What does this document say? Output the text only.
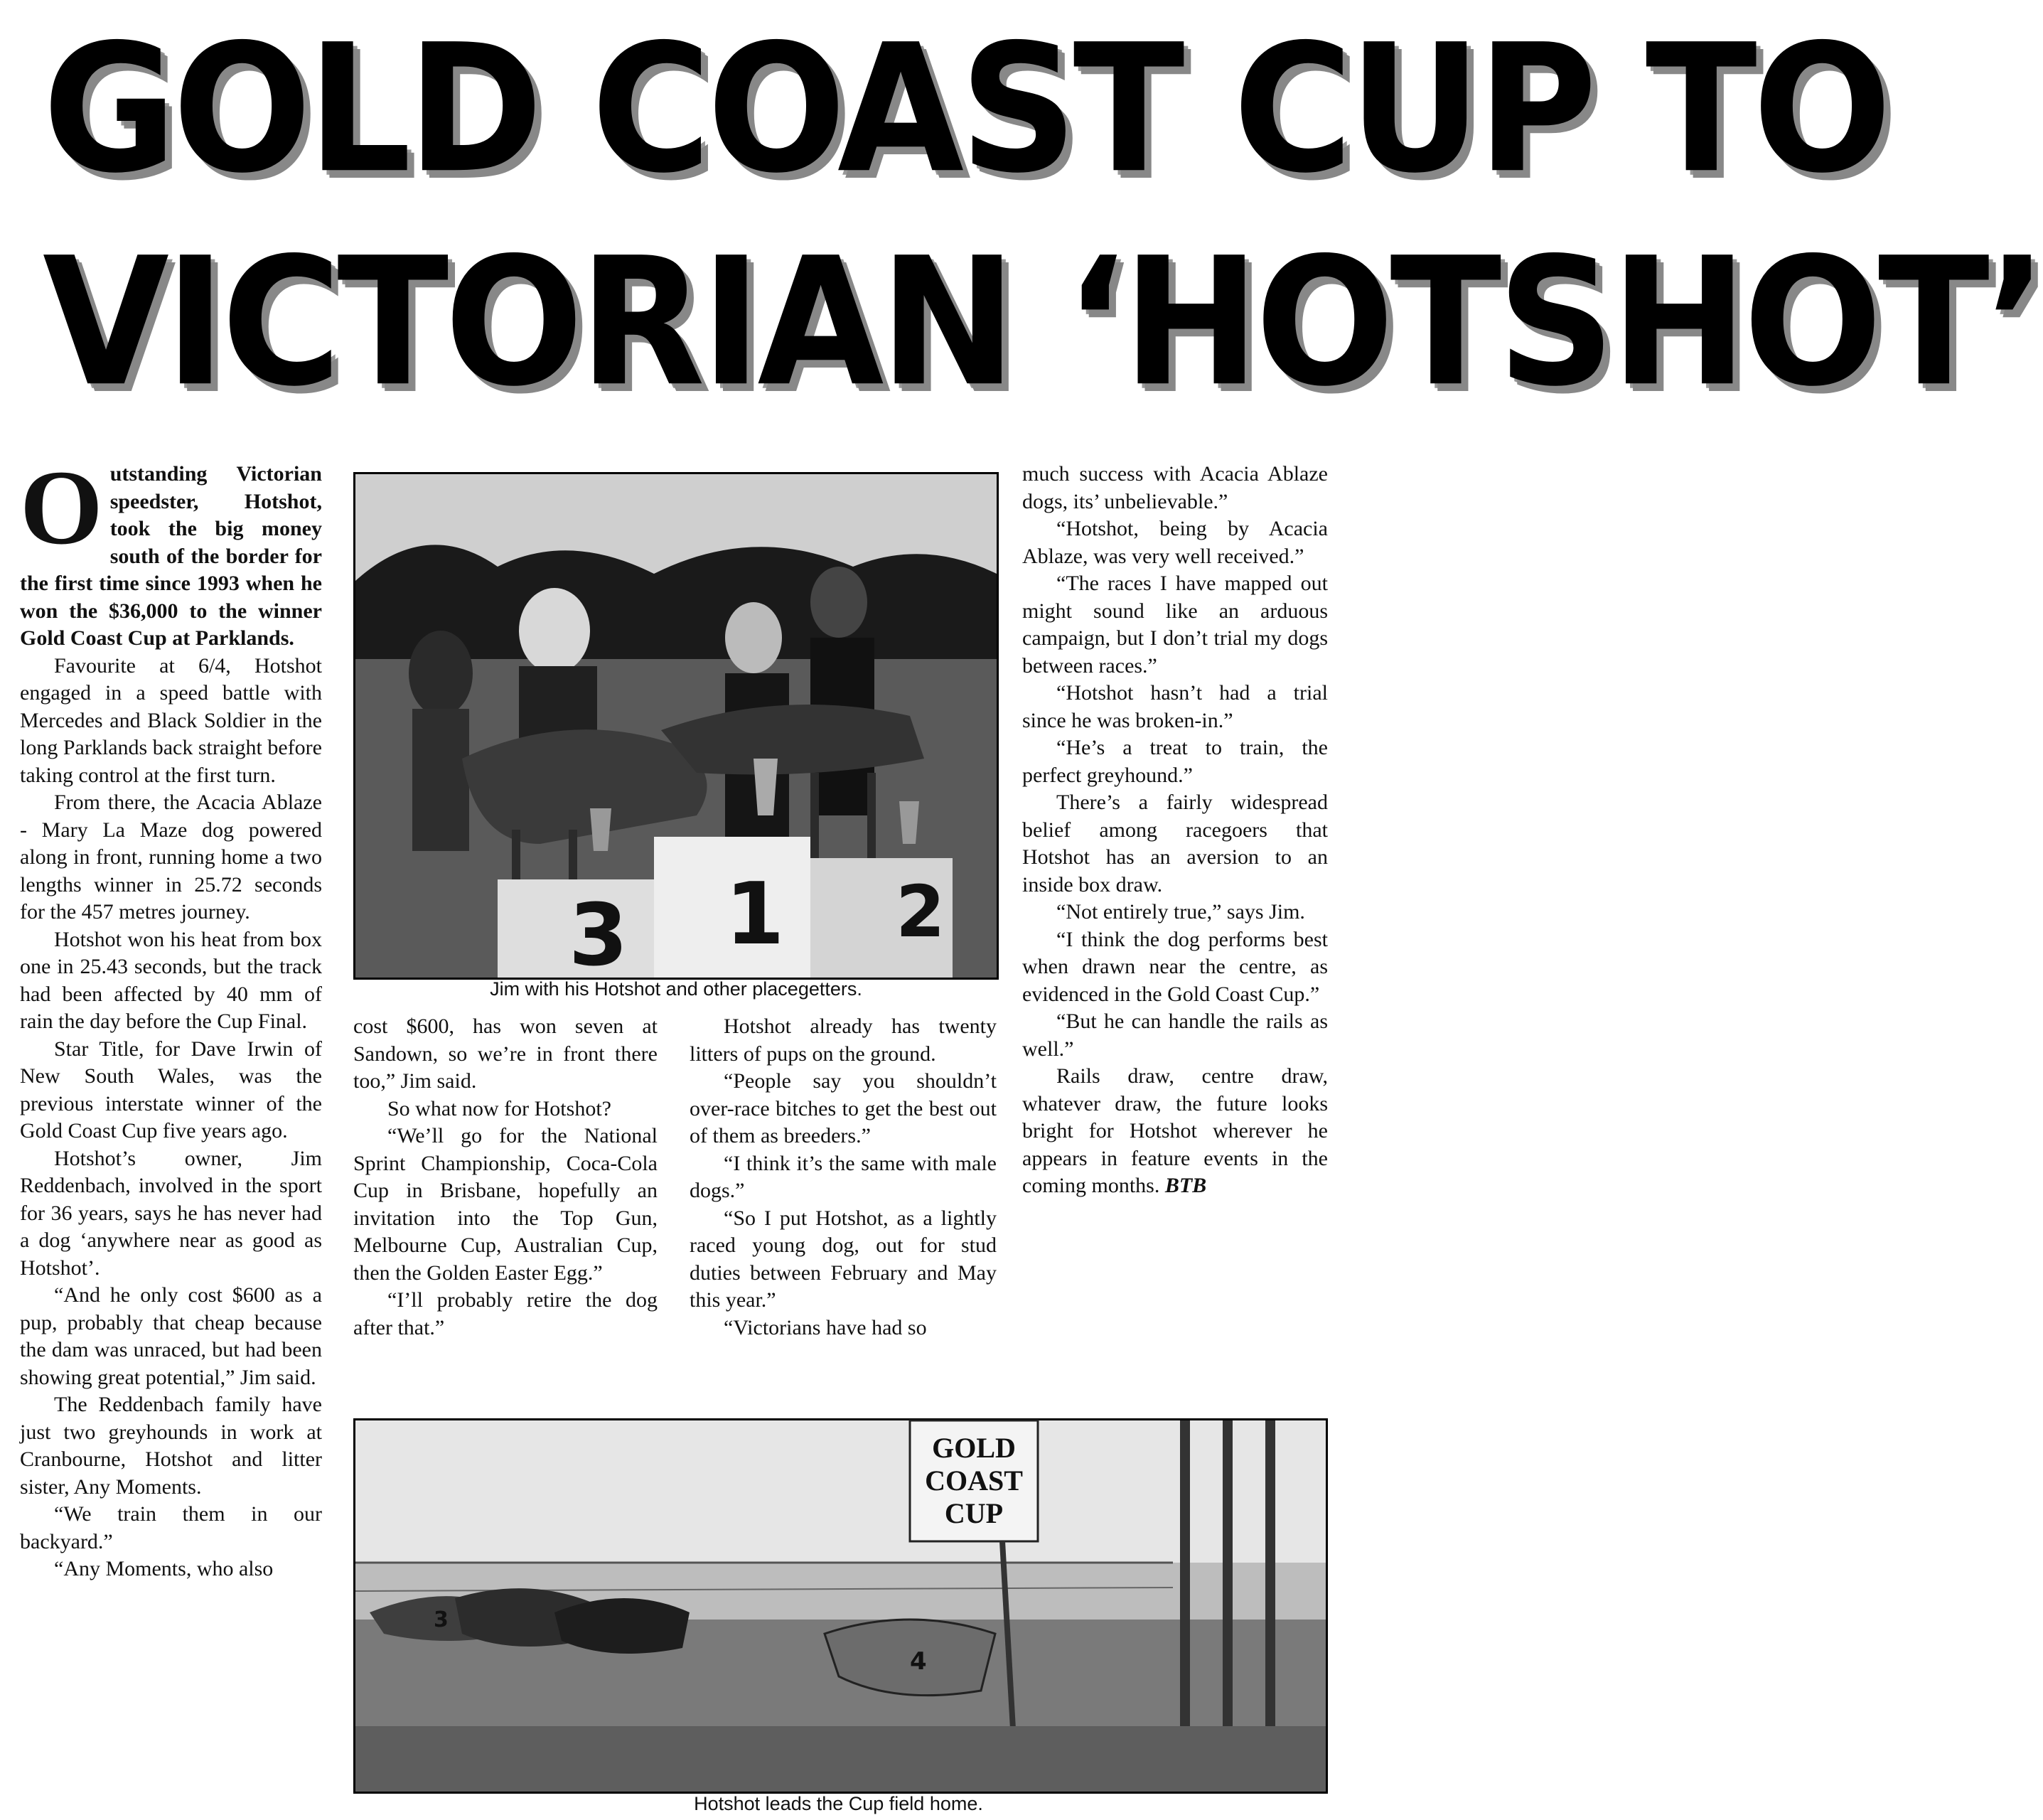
GOLD COAST CUP TO
VICTORIAN ‘HOTSHOT’

Outstanding Victorian speedster, Hotshot, took the big money south of the border for the first time since 1993 when he won the $36,000 to the winner Gold Coast Cup at Parklands.

Favourite at 6/4, Hotshot engaged in a speed battle with Mercedes and Black Soldier in the long Parklands back straight before taking control at the first turn.

From there, the Acacia Ablaze - Mary La Maze dog powered along in front, running home a two lengths winner in 25.72 seconds for the 457 metres journey.

Hotshot won his heat from box one in 25.43 seconds, but the track had been affected by 40 mm of rain the day before the Cup Final.

Star Title, for Dave Irwin of New South Wales, was the previous interstate winner of the Gold Coast Cup five years ago.

Hotshot’s owner, Jim Reddenbach, involved in the sport for 36 years, says he has never had a dog ‘anywhere near as good as Hotshot’.

“And he only cost $600 as a pup, probably that cheap because the dam was unraced, but had been showing great potential,” Jim said.

The Reddenbach family have just two greyhounds in work at Cranbourne, Hotshot and litter sister, Any Moments.

“We train them in our backyard.”

“Any Moments, who also

3 1 2
Jim with his Hotshot and other placegetters.

cost $600, has won seven at Sandown, so we’re in front there too,” Jim said.

So what now for Hotshot?

“We’ll go for the National Sprint Championship, Coca-Cola Cup in Brisbane, hopefully an invitation into the Top Gun, Melbourne Cup, Australian Cup, then the Golden Easter Egg.”

“I’ll probably retire the dog after that.”

Hotshot already has twenty litters of pups on the ground.

“People say you shouldn’t over-race bitches to get the best out of them as breeders.”

“I think it’s the same with male dogs.”

“So I put Hotshot, as a lightly raced young dog, out for stud duties between February and May this year.”

“Victorians have had so

much success with Acacia Ablaze dogs, its’ unbelievable.”

“Hotshot, being by Acacia Ablaze, was very well received.”

“The races I have mapped out might sound like an arduous campaign, but I don’t trial my dogs between races.”

“Hotshot hasn’t had a trial since he was broken-in.”

“He’s a treat to train, the perfect greyhound.”

There’s a fairly widespread belief among racegoers that Hotshot has an aversion to an inside box draw.

“Not entirely true,” says Jim.

“I think the dog performs best when drawn near the centre, as evidenced in the Gold Coast Cup.”

“But he can handle the rails as well.”

Rails draw, centre draw, whatever draw, the future looks bright for Hotshot wherever he appears in feature events in the coming months. BTB

GOLD
COAST
CUP
3
4
Hotshot leads the Cup field home.
